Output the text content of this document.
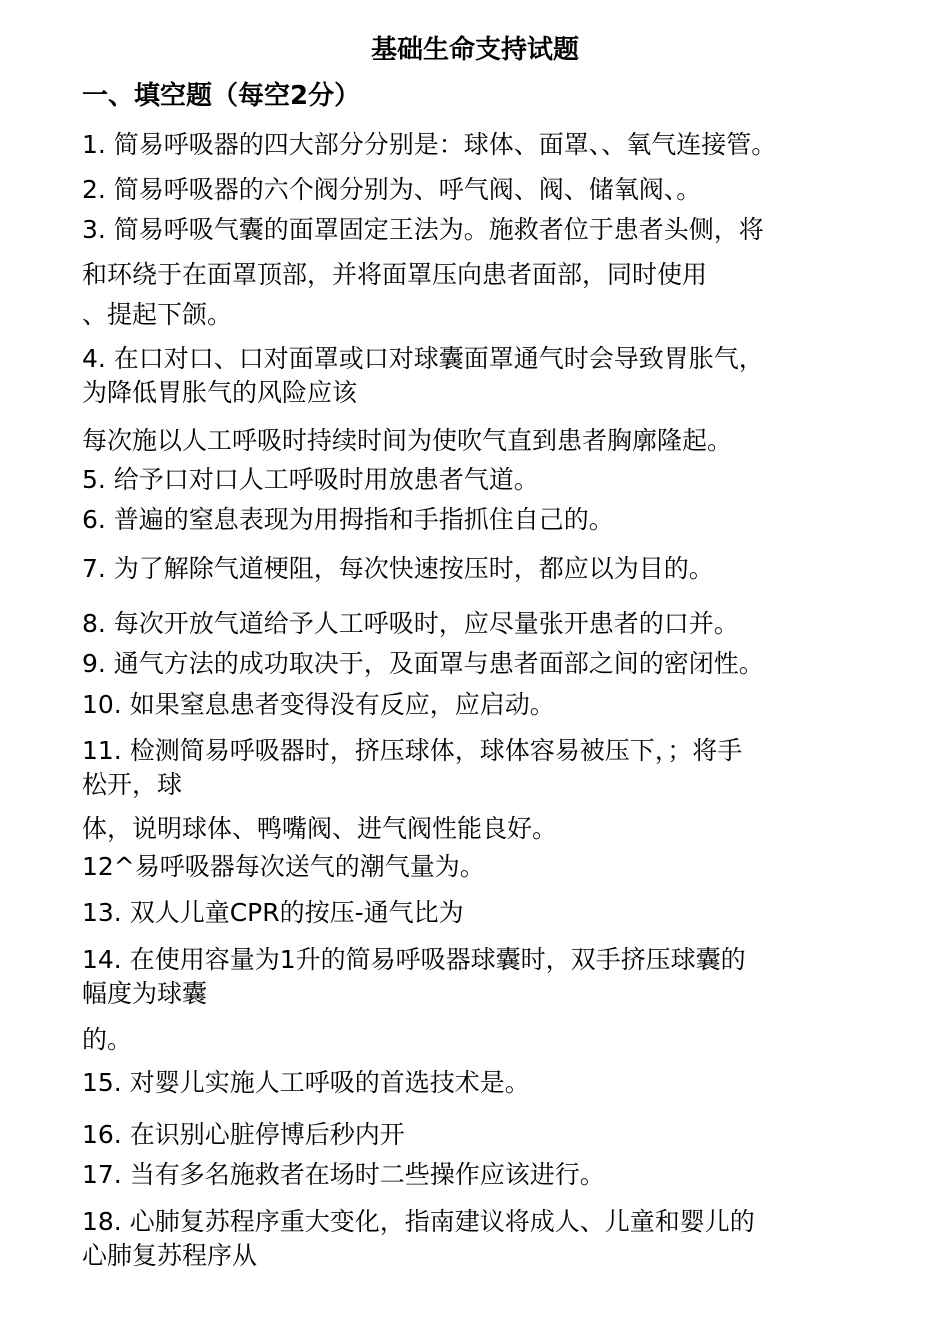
基础生命支持试题
一、填空题（每空2分）
1. 简易呼吸器的四大部分分别是：球体、面罩、、氧气连接管。
2. 简易呼吸器的六个阀分别为、呼气阀、阀、储氧阀、。
3. 简易呼吸气囊的面罩固定王法为。施救者位于患者头侧，将
和环绕于在面罩顶部，并将面罩压向患者面部，同时使用
、提起下颌。
4. 在口对口、口对面罩或口对球囊面罩通气时会导致胃胀气，
为降低胃胀气的风险应该
每次施以人工呼吸时持续时间为使吹气直到患者胸廓隆起。
5. 给予口对口人工呼吸时用放患者气道。
6. 普遍的窒息表现为用拇指和手指抓住自己的。
7. 为了解除气道梗阻，每次快速按压时，都应以为目的。
8. 每次开放气道给予人工呼吸时，应尽量张开患者的口并。
9. 通气方法的成功取决于，及面罩与患者面部之间的密闭性。
10. 如果窒息患者变得没有反应，应启动。
11. 检测简易呼吸器时，挤压球体，球体容易被压下，；将手
松开，球
体，说明球体、鸭嘴阀、进气阀性能良好。
12^易呼吸器每次送气的潮气量为。
13. 双人儿童CPR的按压-通气比为
14. 在使用容量为1升的简易呼吸器球囊时，双手挤压球囊的
幅度为球囊
的。
15. 对婴儿实施人工呼吸的首选技术是。
16. 在识别心脏停博后秒内开
17. 当有多名施救者在场时二些操作应该进行。
18. 心肺复苏程序重大变化，指南建议将成人、儿童和婴儿的
心肺复苏程序从
